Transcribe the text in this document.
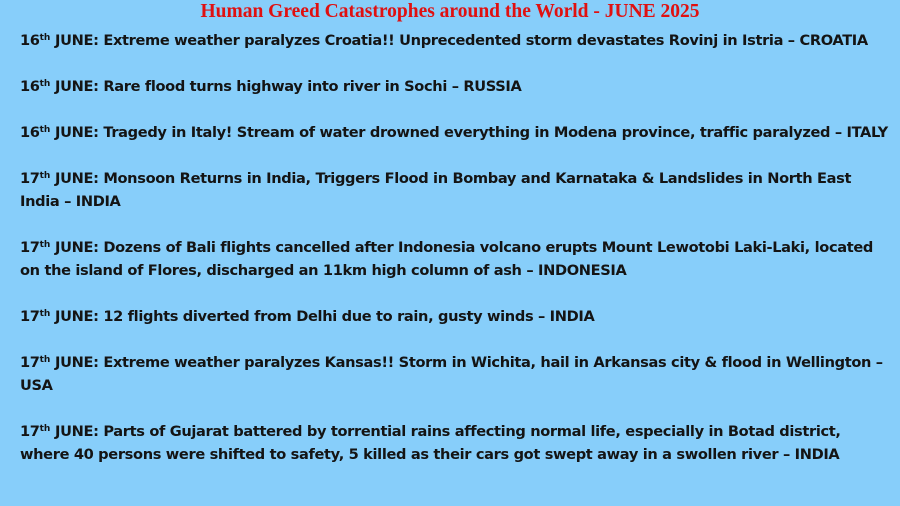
Human Greed Catastrophes around the World - JUNE 2025
16th JUNE: Extreme weather paralyzes Croatia!! Unprecedented storm devastates Rovinj in Istria – CROATIA
16th JUNE: Rare flood turns highway into river in Sochi – RUSSIA
16th JUNE: Tragedy in Italy! Stream of water drowned everything in Modena province, traffic paralyzed – ITALY
17th JUNE: Monsoon Returns in India, Triggers Flood in Bombay and Karnataka & Landslides in North East India – INDIA
17th JUNE: Dozens of Bali flights cancelled after Indonesia volcano erupts Mount Lewotobi Laki-Laki, located on the island of Flores, discharged an 11km high column of ash – INDONESIA
17th JUNE: 12 flights diverted from Delhi due to rain, gusty winds – INDIA
17th JUNE: Extreme weather paralyzes Kansas!! Storm in Wichita, hail in Arkansas city & flood in Wellington – USA
17th JUNE: Parts of Gujarat battered by torrential rains affecting normal life, especially in Botad district, where 40 persons were shifted to safety, 5 killed as their cars got swept away in a swollen river – INDIA
